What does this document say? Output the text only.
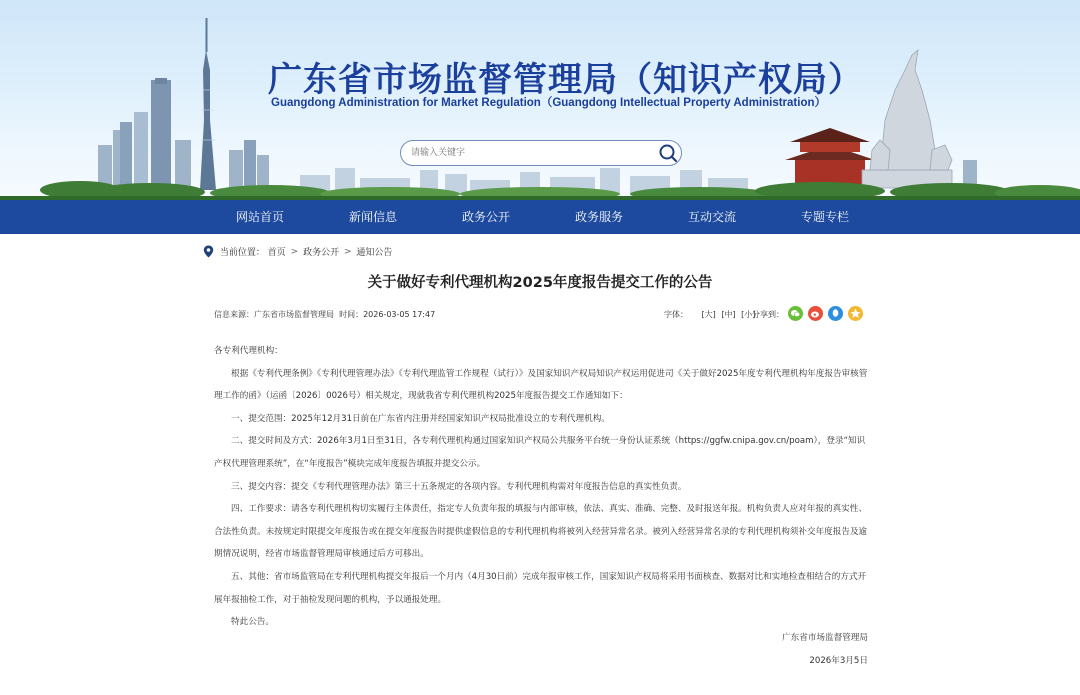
广东省市场监督管理局（知识产权局）
Guangdong Administration for Market Regulation（Guangdong Intellectual Property Administration）
请输入关键字
网站首页	新闻信息	政务公开	政务服务	互动交流	专题专栏
当前位置： 首页 > 政务公开 > 通知公告
关于做好专利代理机构2025年度报告提交工作的公告
信息来源：广东省市场监督管理局 时间：2026-03-05 17:47	字体： [大] [中] [小]
分享到：

各专利代理机构：

根据《专利代理条例》《专利代理管理办法》《专利代理监管工作规程（试行）》及国家知识产权局知识产权运用促进司《关于做好2025年度专利代理机构年度报告审核管理工作的函》（运函〔2026〕0026号）相关规定，现就我省专利代理机构2025年度报告提交工作通知如下：

一、提交范围：2025年12月31日前在广东省内注册并经国家知识产权局批准设立的专利代理机构。

二、提交时间及方式：2026年3月1日至31日，各专利代理机构通过国家知识产权局公共服务平台统一身份认证系统（https://ggfw.cnipa.gov.cn/poam），登录“知识产权代理管理系统”，在“年度报告”模块完成年度报告填报并提交公示。

三、提交内容：提交《专利代理管理办法》第三十五条规定的各项内容。专利代理机构需对年度报告信息的真实性负责。

四、工作要求：请各专利代理机构切实履行主体责任，指定专人负责年报的填报与内部审核，依法、真实、准确、完整、及时报送年报。机构负责人应对年报的真实性、合法性负责。未按规定时限提交年度报告或在提交年度报告时提供虚假信息的专利代理机构将被列入经营异常名录。被列入经营异常名录的专利代理机构须补交年度报告及逾期情况说明，经省市场监督管理局审核通过后方可移出。

五、其他：省市场监管局在专利代理机构提交年报后一个月内（4月30日前）完成年报审核工作，国家知识产权局将采用书面核查、数据对比和实地检查相结合的方式开展年报抽检工作，对于抽检发现问题的机构，予以通报处理。

特此公告。

广东省市场监督管理局
2026年3月5日
